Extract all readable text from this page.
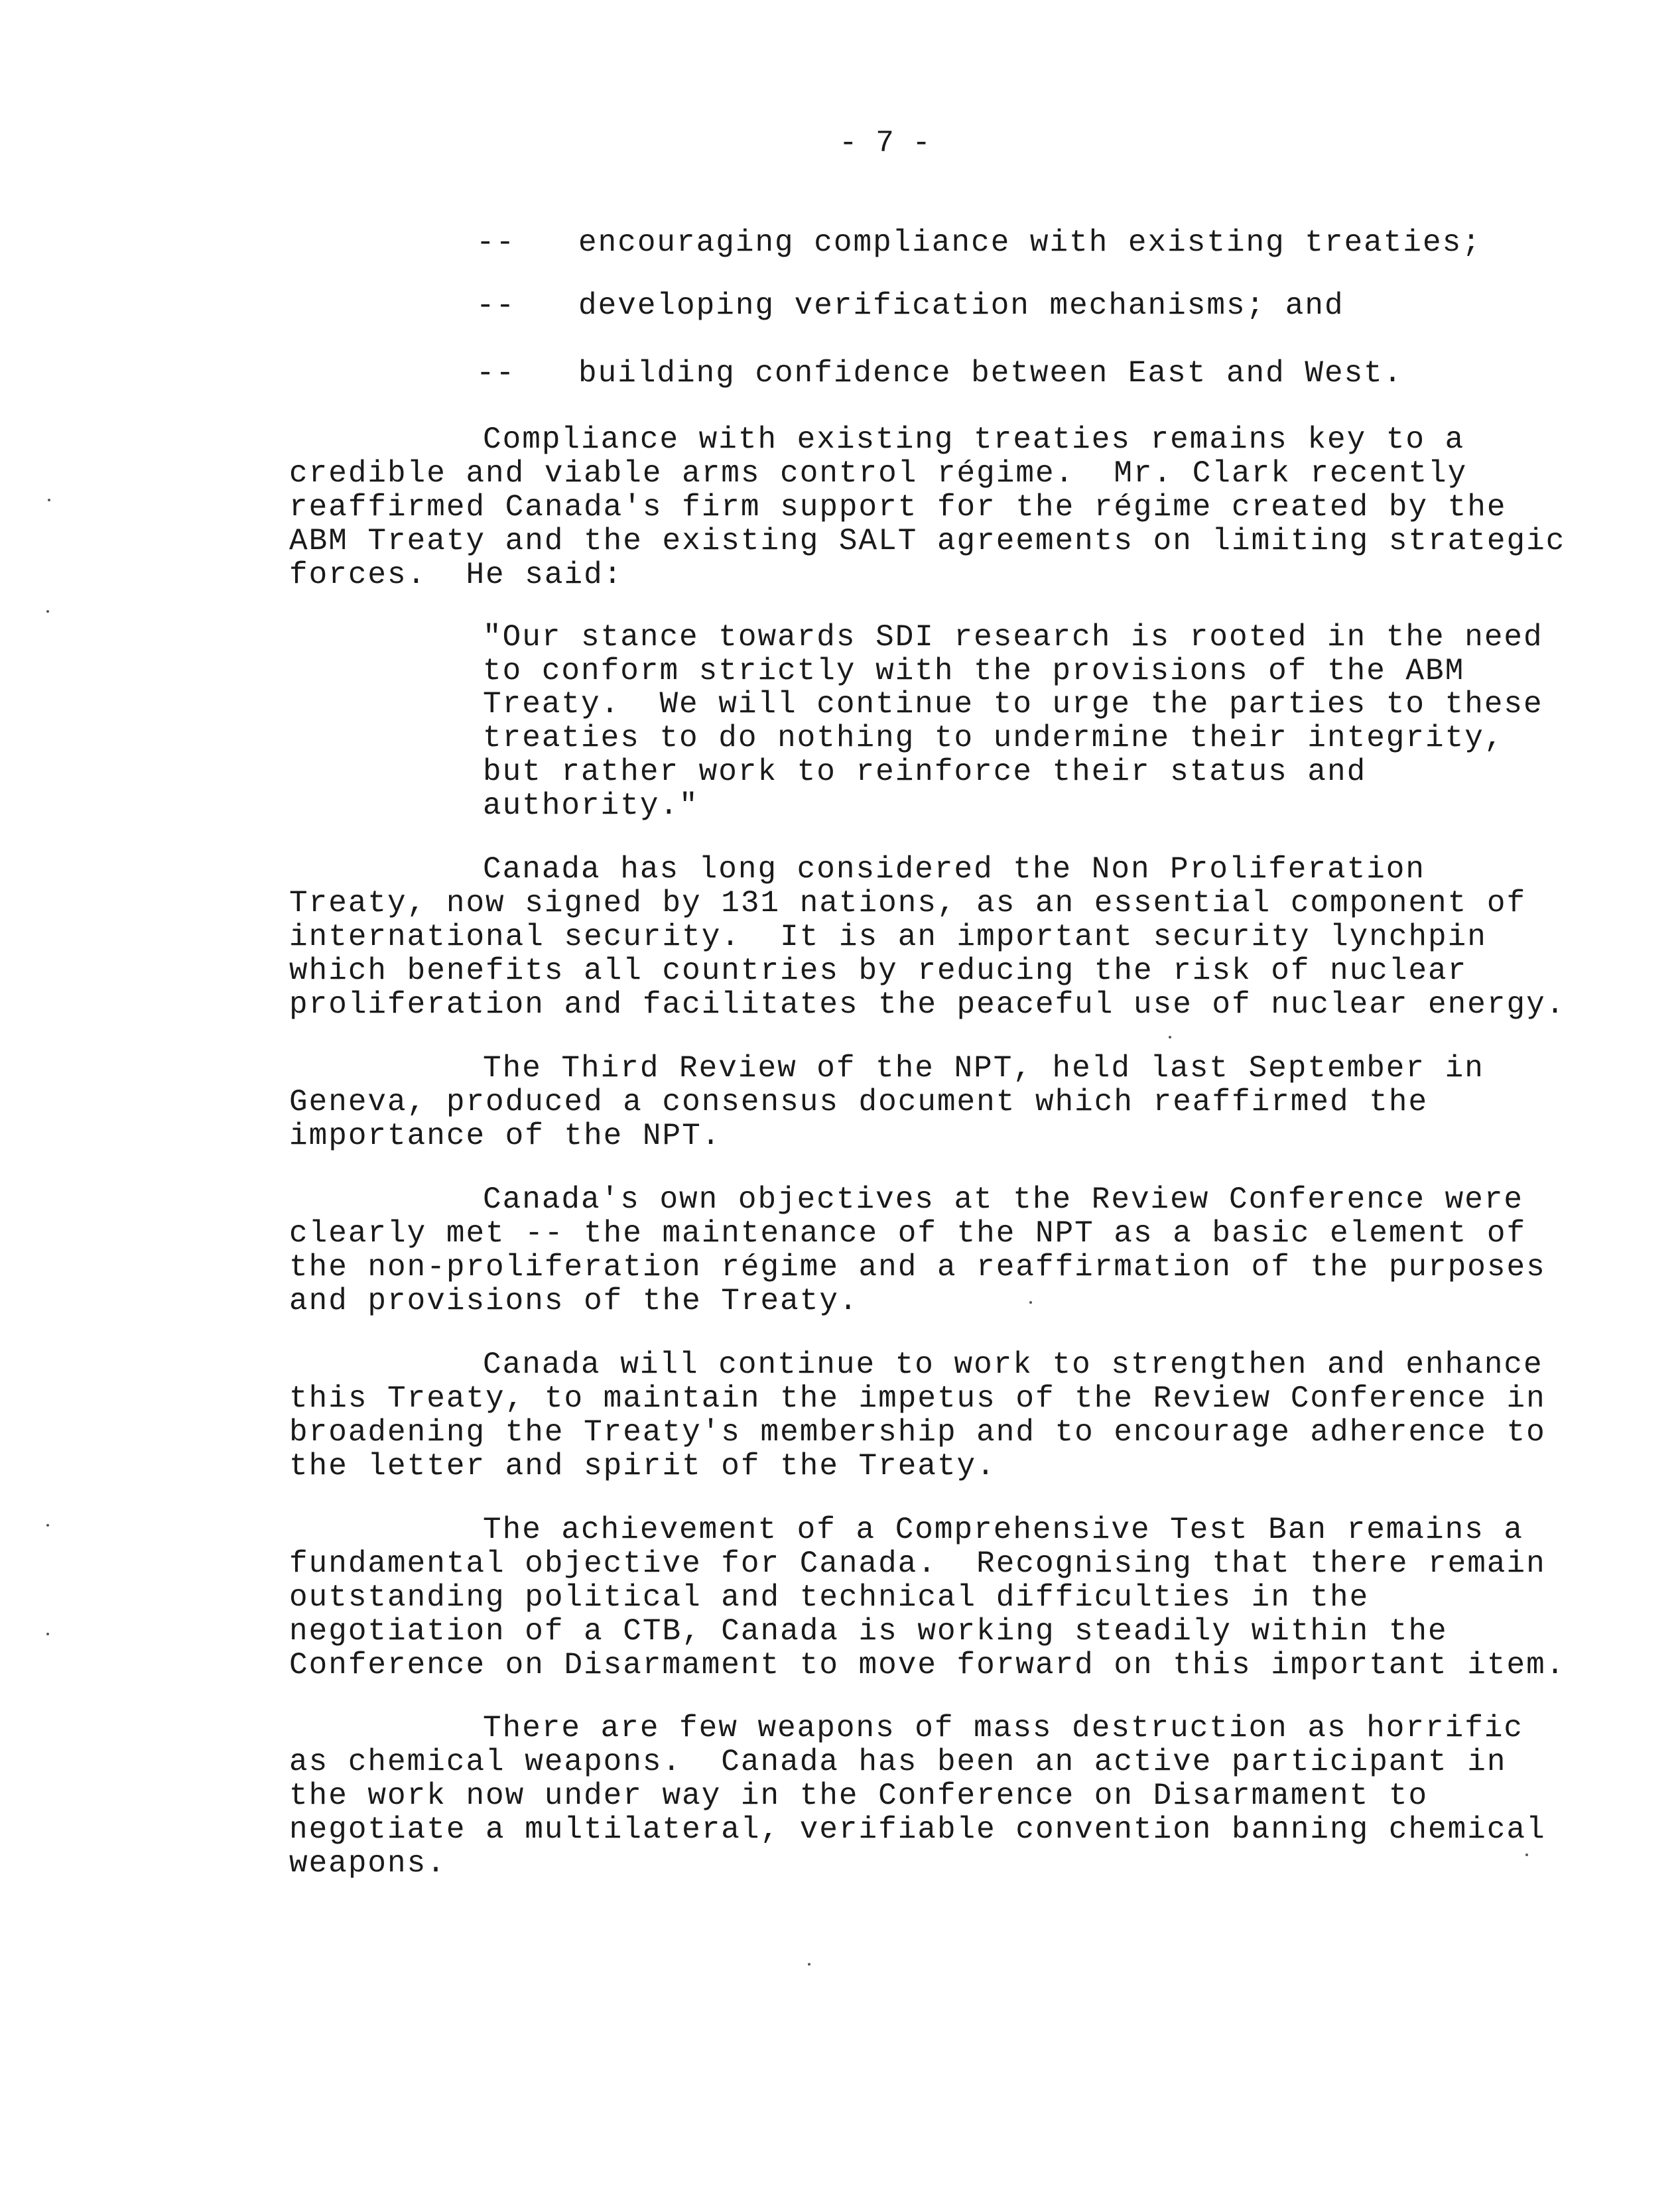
- 7 -
-- encouraging compliance with existing treaties;
-- developing verification mechanisms; and
-- building confidence between East and West.
Compliance with existing treaties remains key to a
credible and viable arms control régime.  Mr. Clark recently
reaffirmed Canada's firm support for the régime created by the
ABM Treaty and the existing SALT agreements on limiting strategic
forces.  He said:
"Our stance towards SDI research is rooted in the need
to conform strictly with the provisions of the ABM
Treaty.  We will continue to urge the parties to these
treaties to do nothing to undermine their integrity,
but rather work to reinforce their status and
authority."
Canada has long considered the Non Proliferation
Treaty, now signed by 131 nations, as an essential component of
international security.  It is an important security lynchpin
which benefits all countries by reducing the risk of nuclear
proliferation and facilitates the peaceful use of nuclear energy.
The Third Review of the NPT, held last September in
Geneva, produced a consensus document which reaffirmed the
importance of the NPT.
Canada's own objectives at the Review Conference were
clearly met -- the maintenance of the NPT as a basic element of
the non-proliferation régime and a reaffirmation of the purposes
and provisions of the Treaty.
Canada will continue to work to strengthen and enhance
this Treaty, to maintain the impetus of the Review Conference in
broadening the Treaty's membership and to encourage adherence to
the letter and spirit of the Treaty.
The achievement of a Comprehensive Test Ban remains a
fundamental objective for Canada.  Recognising that there remain
outstanding political and technical difficulties in the
negotiation of a CTB, Canada is working steadily within the
Conference on Disarmament to move forward on this important item.
There are few weapons of mass destruction as horrific
as chemical weapons.  Canada has been an active participant in
the work now under way in the Conference on Disarmament to
negotiate a multilateral, verifiable convention banning chemical
weapons.
